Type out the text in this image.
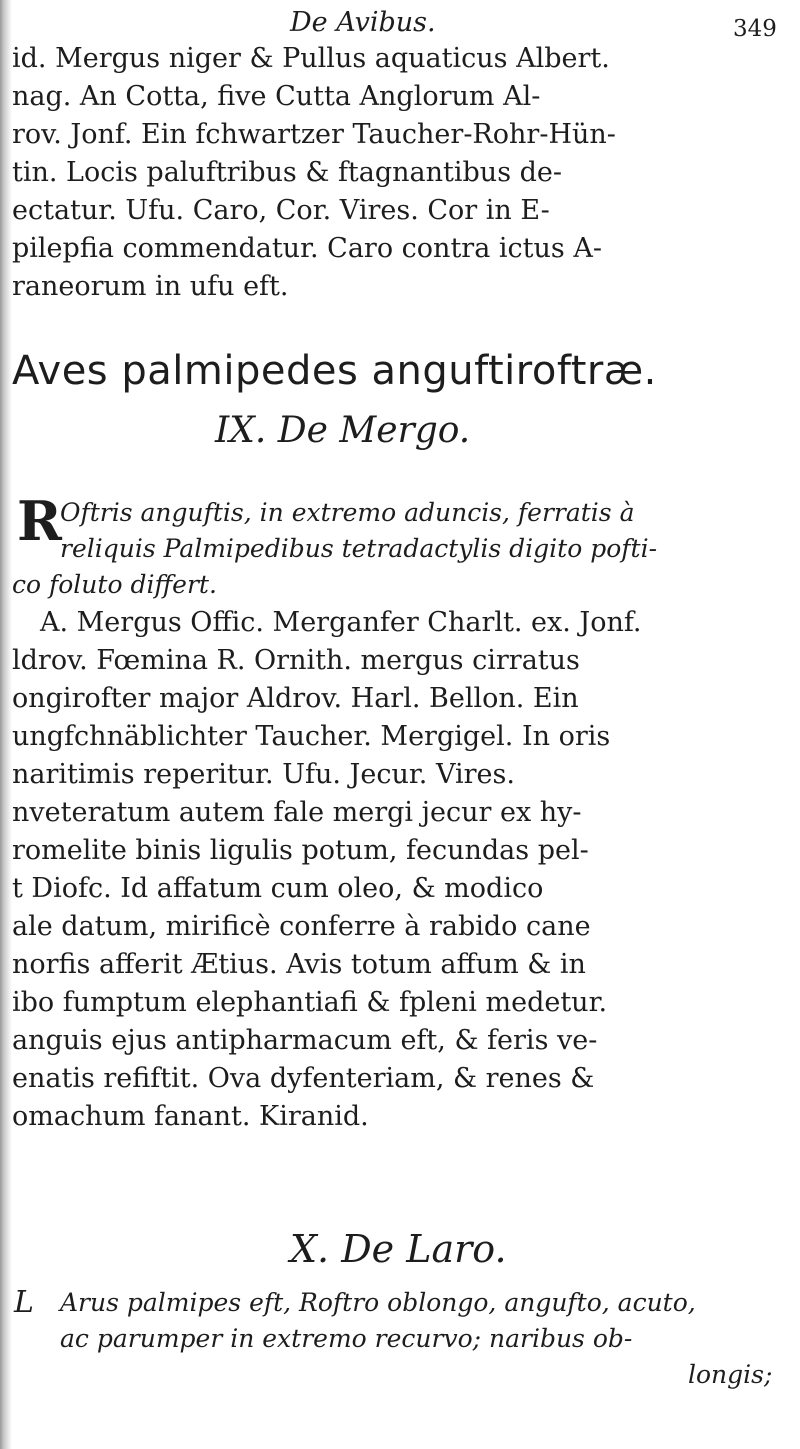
De Avibus.	349
id. Mergus niger & Pullus aquaticus Albert.
nag. An Cotta, five Cutta Anglorum Al-
rov. Jonf. Ein fchwartzer Taucher-Rohr-Hün-
tin. Locis paluftribus & ftagnantibus de-
ectatur. Ufu. Caro, Cor. Vires. Cor in E-
pilepfia commendatur. Caro contra ictus A-
raneorum in ufu eft.
Aves palmipedes anguftiroftræ.
IX. De Mergo.
R
Oftris anguftis, in extremo aduncis, ferratis à
reliquis Palmipedibus tetradactylis digito pofti-
co foluto differt.
A. Mergus Offic. Merganfer Charlt. ex. Jonf.
ldrov. Fœmina R. Ornith. mergus cirratus
ongirofter major Aldrov. Harl. Bellon. Ein
ungfchnäblichter Taucher. Mergigel. In oris
naritimis reperitur. Ufu. Jecur. Vires.
nveteratum autem fale mergi jecur ex hy-
romelite binis ligulis potum, fecundas pel-
t Diofc. Id affatum cum oleo, & modico
ale datum, mirificè conferre à rabido cane
norfis afferit Ætius. Avis totum affum & in
ibo fumptum elephantiafi & fpleni medetur.
anguis ejus antipharmacum eft, & feris ve-
enatis refiftit. Ova dyfenteriam, & renes &
omachum fanant. Kiranid.
X. De Laro.
L Arus palmipes eft, Roftro oblongo, angufto, acuto,
ac parumper in extremo recurvo; naribus ob-
longis;
